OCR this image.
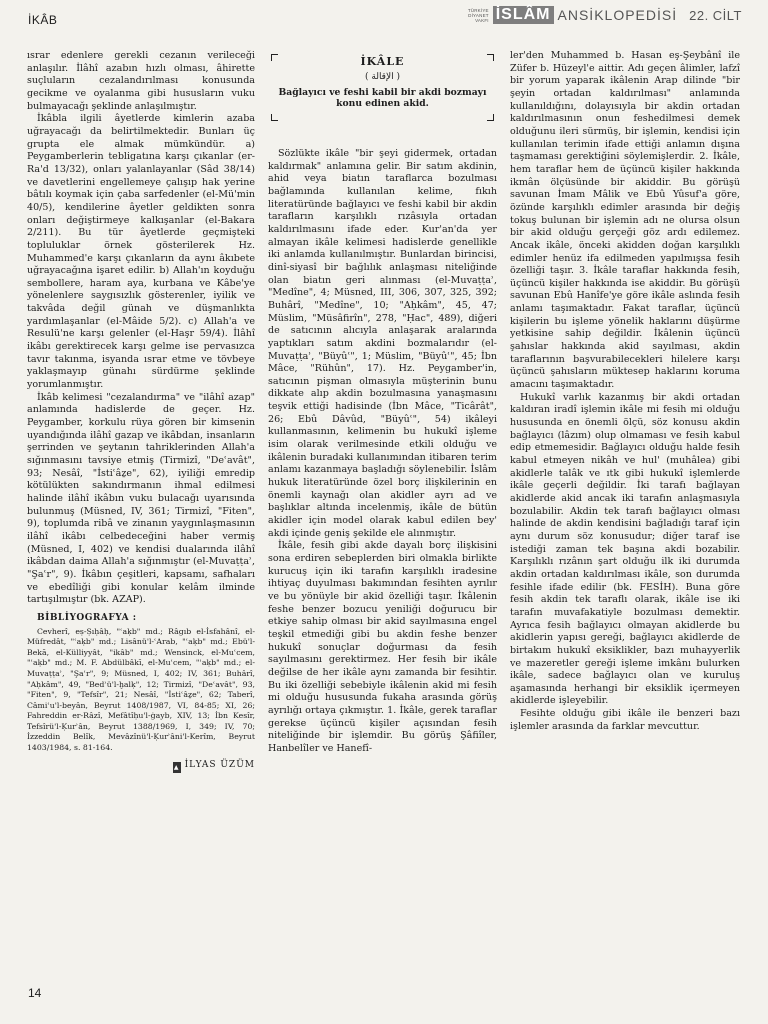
İKÂB
TÜRKİYE
DİYANET
VAKFI İSLÂM ANSİKLOPEDİSİ 22. CİLT

ısrar edenlere gerekli cezanın verileceği anlaşılır. İlâhî azabın hızlı olması, âhirette suçluların cezalandırılması konusunda gecikme ve oyalanma gibi hususların vuku bulmayacağı şeklinde anlaşılmıştır.

İkâbla ilgili âyetlerde kimlerin azaba uğrayacağı da belirtilmektedir. Bunları üç grupta ele almak mümkündür. a) Peygamberlerin tebligatına karşı çıkanlar (er-Ra'd 13/32), onları yalanlayanlar (Sâd 38/14) ve davetlerini engellemeye çalışıp hak yerine bâtılı koymak için çaba sarfedenler (el-Mü'min 40/5), kendilerine âyetler geldikten sonra onları değiştirmeye kalkışanlar (el-Bakara 2/211). Bu tür âyetlerde geçmişteki topluluklar örnek gösterilerek Hz. Muhammed'e karşı çıkanların da aynı âkıbete uğrayacağına işaret edilir. b) Allah'ın koyduğu sembollere, haram aya, kurbana ve Kâbe'ye yönelenlere saygısızlık gösterenler, iyilik ve takvâda değil günah ve düşmanlıkta yardımlaşanlar (el-Mâide 5/2). c) Allah'a ve Resulü'ne karşı gelenler (el-Haşr 59/4). İlâhî ikâbı gerektirecek karşı gelme ise pervasızca tavır takınma, isyanda ısrar etme ve tövbeye yaklaşmayıp günahı sürdürme şeklinde yorumlanmıştır.

İkâb kelimesi "cezalandırma" ve "ilâhî azap" anlamında hadislerde de geçer. Hz. Peygamber, korkulu rüya gören bir kimsenin uyandığında ilâhî gazap ve ikâbdan, insanların şerrinden ve şeytanın tahriklerinden Allah'a sığınmasını tavsiye etmiş (Tirmizî, "Deʿavât", 93; Nesâî, "İstiʿâẕe", 62), iyiliği emredip kötülükten sakındırmanın ihmal edilmesi halinde ilâhî ikâbın vuku bulacağı uyarısında bulunmuş (Müsned, IV, 361; Tirmizî, "Fiten", 9), toplumda ribâ ve zinanın yaygınlaşmasının ilâhî ikâbı celbedeceğini haber vermiş (Müsned, I, 402) ve kendisi dualarında ilâhî ikâbdan daima Allah'a sığınmıştır (el-Muvaṭṭaʾ, "Şaʿr", 9). İkâbın çeşitleri, kapsamı, safhaları ve ebedîliği gibi konular kelâm ilminde tartışılmıştır (bk. AZAP).

BİBLİYOGRAFYA :

Cevherî, eṣ-Ṣıḥâḥ, "ʿaḳb" md.; Râgıb el-İsfahânî, el-Müfredât, "ʿaḳb" md.; Lisânü'l-ʿArab, "ʿaḳb" md.; Ebü'l-Bekā, el-Külliyyât, "ikâb" md.; Wensinck, el-Muʿcem, "ʿaḳb" md.; M. F. Abdülbâkī, el-Muʿcem, "ʿaḳb" md.; el-Muvaṭṭaʾ, "Şaʿr", 9; Müsned, I, 402; IV, 361; Buhârî, "Aḥkâm", 49, "Bedʾü'l-ḫalḳ", 12; Tirmizî, "Deʿavât", 93, "Fiten", 9, "Tefsîr", 21; Nesâî, "İstiʿâẕe", 62; Taberî, Câmiʿu'l-beyân, Beyrut 1408/1987, VI, 84-85; XI, 26; Fahreddin er-Râzî, Mefâtîḥu'l-ġayb, XIV, 13; İbn Kesîr, Tefsîrü'l-Ḳurʾân, Beyrut 1388/1969, I, 349; IV, 70; İzzeddin Belîk, Mevâzînü'l-Ḳurʾâni'l-Kerîm, Beyrut 1403/1984, s. 81-164.

▲ İLYAS ÜZÜM
İKÂLE
( الإقالة )
Bağlayıcı ve feshi kabil bir akdi bozmayı konu edinen akid.

Sözlükte ikâle "bir şeyi gidermek, ortadan kaldırmak" anlamına gelir. Bir satım akdinin, ahid veya biatın taraflarca bozulması bağlamında kullanılan kelime, fıkıh literatüründe bağlayıcı ve feshi kabil bir akdin tarafların karşılıklı rızâsıyla ortadan kaldırılmasını ifade eder. Kur'an'da yer almayan ikâle kelimesi hadislerde genellikle iki anlamda kullanılmıştır. Bunlardan birincisi, dinî-siyasî bir bağlılık anlaşması niteliğinde olan biatın geri alınması (el-Muvaṭṭaʾ, "Medîne", 4; Müsned, III, 306, 307, 325, 392; Buhârî, "Medîne", 10; "Aḥkâm", 45, 47; Müslim, "Müsâfirîn", 278, "Ḥac", 489), diğeri de satıcının alıcıyla anlaşarak aralarında yaptıkları satım akdini bozmalarıdır (el-Muvaṭṭaʾ, "Büyûʿ", 1; Müslim, "Büyûʿ", 45; İbn Mâce, "Rühûn", 17). Hz. Peygamber'in, satıcının pişman olmasıyla müşterinin bunu dikkate alıp akdin bozulmasına yanaşmasını teşvik ettiği hadisinde (İbn Mâce, "Ticârât", 26; Ebû Dâvûd, "Büyûʿ", 54) ikâleyi kullanmasının, kelimenin bu hukukî işleme isim olarak verilmesinde etkili olduğu ve ikâlenin buradaki kullanımından itibaren terim anlamı kazanmaya başladığı söylenebilir. İslâm hukuk literatüründe özel borç ilişkilerinin en önemli kaynağı olan akidler ayrı ad ve başlıklar altında incelenmiş, ikâle de bütün akidler için model olarak kabul edilen bey' akdi içinde geniş şekilde ele alınmıştır.

İkâle, fesih gibi akde dayalı borç ilişkisini sona erdiren sebeplerden biri olmakla birlikte kurucuş için iki tarafın karşılıklı iradesine ihtiyaç duyulması bakımından fesihten ayrılır ve bu yönüyle bir akid özelliği taşır. İkâlenin feshe benzer bozucu yeniliği doğurucu bir etkiye sahip olması bir akid sayılmasına engel teşkil etmediği gibi bu akdin feshe benzer hukukî sonuçlar doğurması da fesih sayılmasını gerektirmez. Her fesih bir ikâle değilse de her ikâle aynı zamanda bir fesihtir. Bu iki özelliği sebebiyle ikâlenin akid mi fesih mi olduğu hususunda fukaha arasında görüş ayrılığı ortaya çıkmıştır. 1. İkâle, gerek taraflar gerekse üçüncü kişiler açısından fesih niteliğinde bir işlemdir. Bu görüş Şâfiîler, Hanbelîler ve Hanefî-

ler'den Muhammed b. Hasan eş-Şeybânî ile Züfer b. Hüzeyl'e aittir. Adı geçen âlimler, lafzî bir yorum yaparak ikâlenin Arap dilinde "bir şeyin ortadan kaldırılması" anlamında kullanıldığını, dolayısıyla bir akdin ortadan kaldırılmasının onun feshedilmesi demek olduğunu ileri sürmüş, bir işlemin, kendisi için kullanılan terimin ifade ettiği anlamın dışına taşmaması gerektiğini söylemişlerdir. 2. İkâle, hem taraflar hem de üçüncü kişiler hakkında ikmân ölçüsünde bir akiddir. Bu görüşü savunan İmam Mâlik ve Ebû Yûsuf'a göre, özünde karşılıklı edimler arasında bir değiş tokuş bulunan bir işlemin adı ne olursa olsun bir akid olduğu gerçeği göz ardı edilemez. Ancak ikâle, önceki akidden doğan karşılıklı edimler henüz ifa edilmeden yapılmışsa fesih özelliği taşır. 3. İkâle taraflar hakkında fesih, üçüncü kişiler hakkında ise akiddir. Bu görüşü savunan Ebû Hanîfe'ye göre ikâle aslında fesih anlamı taşımaktadır. Fakat taraflar, üçüncü kişilerin bu işleme yönelik haklarını düşürme yetkisine sahip değildir. İkâlenin üçüncü şahıslar hakkında akid sayılması, akdin taraflarının başvurabilecekleri hilelere karşı üçüncü şahısların müktesep haklarını koruma amacını taşımaktadır.

Hukukî varlık kazanmış bir akdi ortadan kaldıran iradî işlemin ikâle mi fesih mi olduğu hususunda en önemli ölçü, söz konusu akdin bağlayıcı (lâzım) olup olmaması ve fesih kabul edip etmemesidir. Bağlayıcı olduğu halde fesih kabul etmeyen nikâh ve hul' (muhâlea) gibi akidlerle talâk ve ıtk gibi hukukî işlemlerde ikâle geçerli değildir. İki tarafı bağlayan akidlerde akid ancak iki tarafın anlaşmasıyla bozulabilir. Akdin tek tarafı bağlayıcı olması halinde de akdin kendisini bağladığı taraf için aynı durum söz konusudur; diğer taraf ise istediği zaman tek başına akdi bozabilir. Karşılıklı rızânın şart olduğu ilk iki durumda akdin ortadan kaldırılması ikâle, son durumda fesihle ifade edilir (bk. FESİH). Buna göre fesih akdin tek taraflı olarak, ikâle ise iki tarafın muvafakatiyle bozulması demektir. Ayrıca fesih bağlayıcı olmayan akidlerde bu akidlerin yapısı gereği, bağlayıcı akidlerde de birtakım hukukî eksiklikler, bazı muhayyerlik ve mazeretler gereği işleme imkânı bulurken ikâle, sadece bağlayıcı olan ve kuruluş aşamasında herhangi bir eksiklik içermeyen akidlerde işleyebilir.

Fesihte olduğu gibi ikâle ile benzeri bazı işlemler arasında da farklar mevcuttur.

14
